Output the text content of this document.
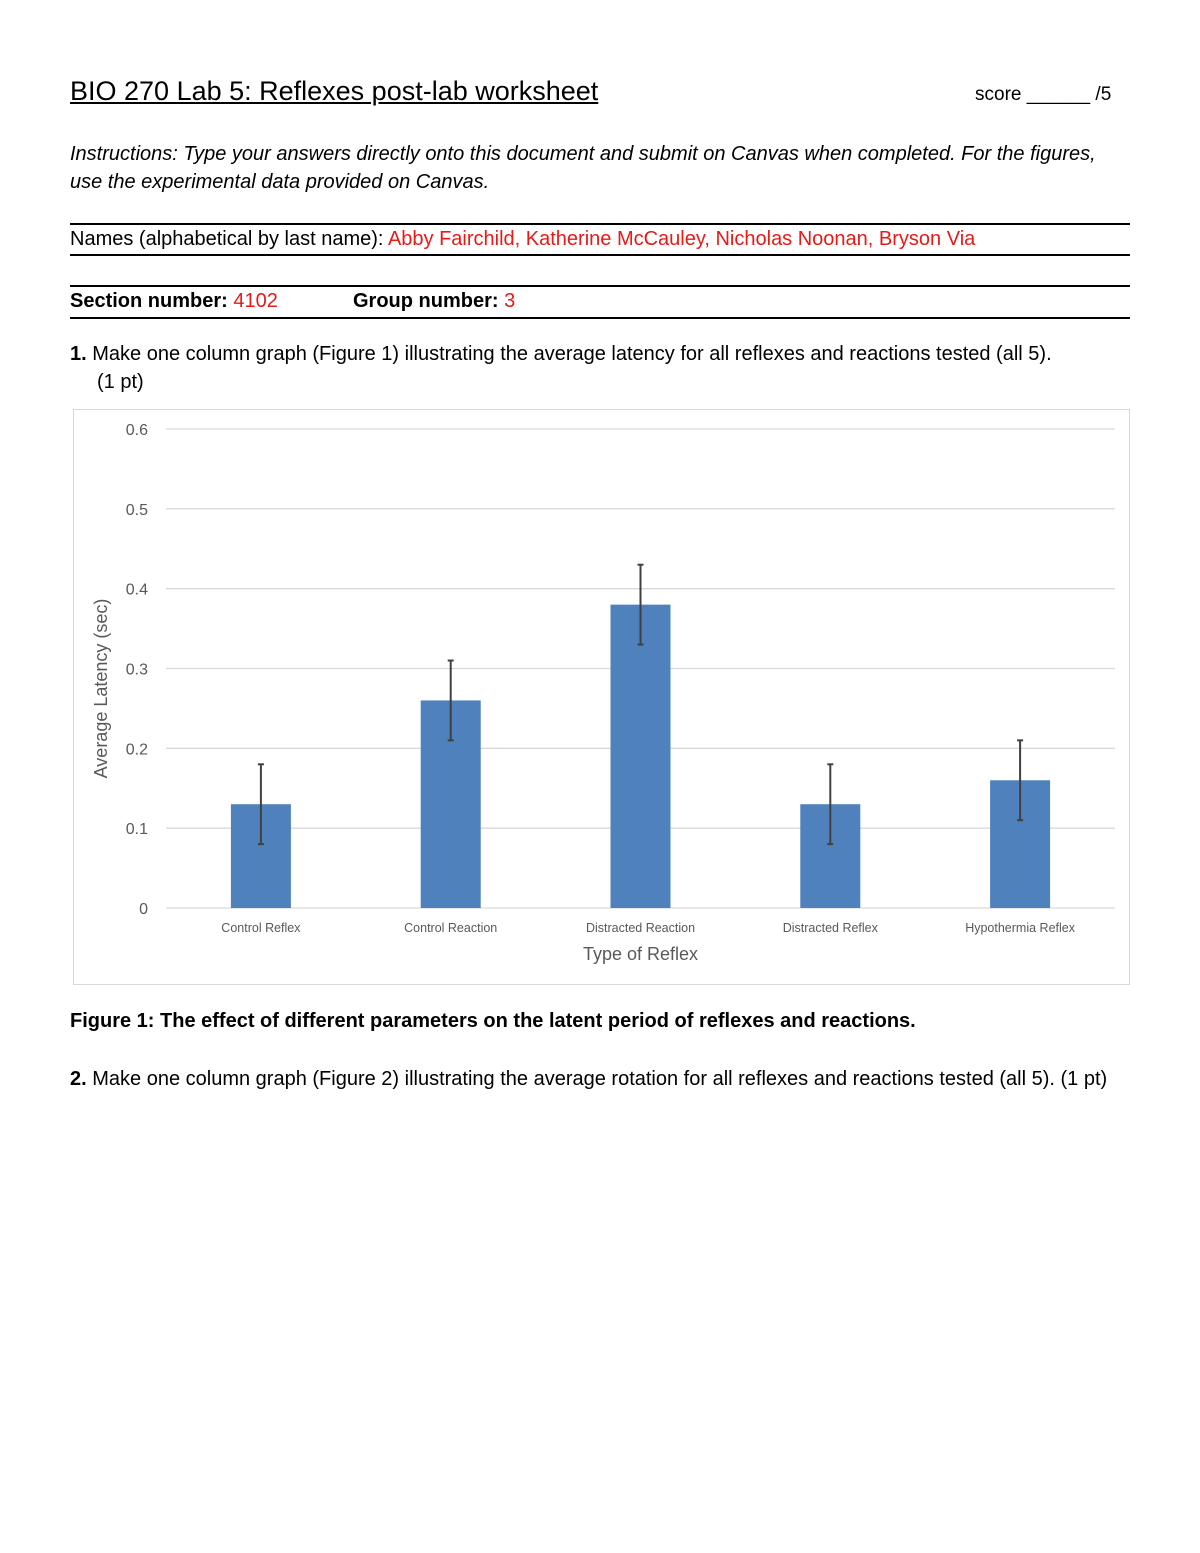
BIO 270 Lab 5: Reflexes post-lab worksheet	score ______ /5
Instructions: Type your answers directly onto this document and submit on Canvas when completed. For the figures, use the experimental data provided on Canvas.
Names (alphabetical by last name): Abby Fairchild, Katherine McCauley, Nicholas Noonan, Bryson Via
Section number: 4102	Group number: 3
1. Make one column graph (Figure 1) illustrating the average latency for all reflexes and reactions tested (all 5).
(1 pt)
0
0.1
0.2
0.3
0.4
0.5
0.6
Control Reflex	Control Reaction	Distracted Reaction	Distracted Reflex	Hypothermia Reflex
Type of Reflex
Average Latency (sec)
Figure 1: The effect of different parameters on the latent period of reflexes and reactions.
2. Make one column graph (Figure 2) illustrating the average rotation for all reflexes and reactions tested (all 5). (1 pt)
